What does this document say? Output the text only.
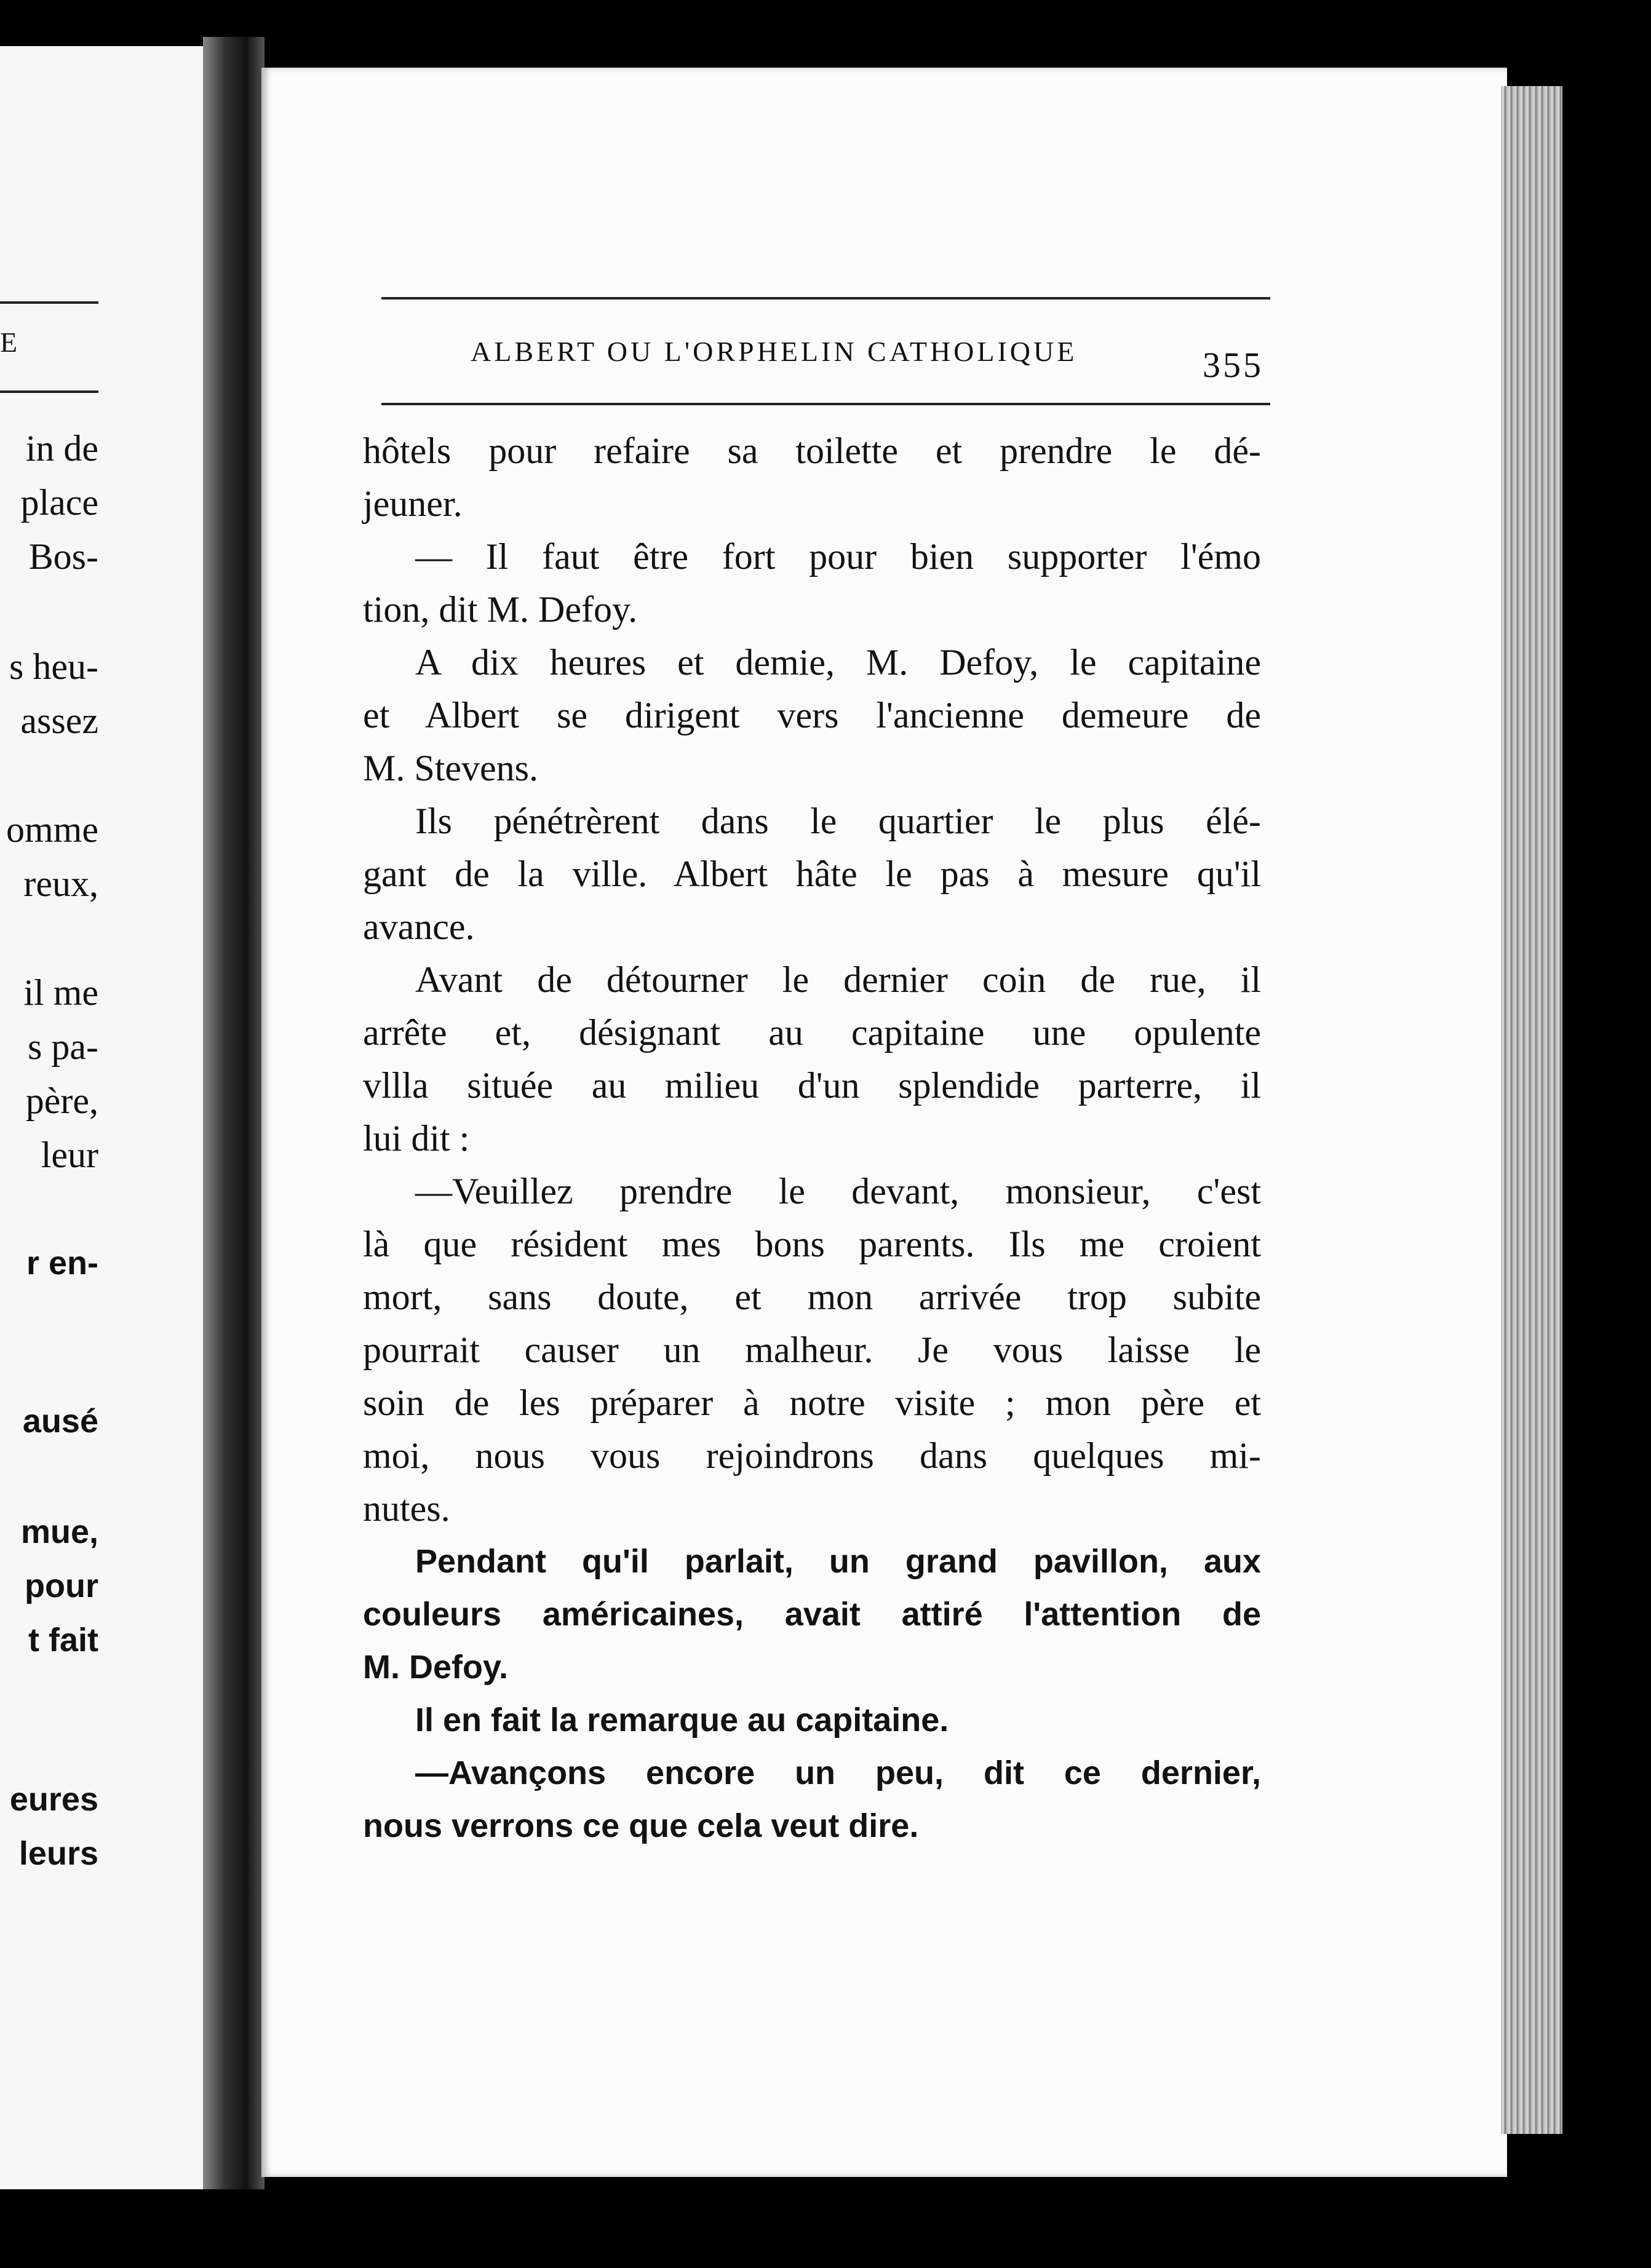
E
in de
place
Bos-
s heu-
assez
omme
reux,
il me
s pa-
père,
leur
r en-
ausé
mue,
pour
t fait
eures
leurs
ALBERT OU L'ORPHELIN CATHOLIQUE	355
hôtels pour refaire sa toilette et prendre le dé-
jeuner.
— Il faut être fort pour bien supporter l'émo
tion, dit M. Defoy.
A dix heures et demie, M. Defoy, le capitaine
et Albert se dirigent vers l'ancienne demeure de
M. Stevens.
Ils pénétrèrent dans le quartier le plus élé-
gant de la ville. Albert hâte le pas à mesure qu'il
avance.
Avant de détourner le dernier coin de rue, il
arrête et, désignant au capitaine une opulente
vllla située au milieu d'un splendide parterre, il
lui dit :
—Veuillez prendre le devant, monsieur, c'est
là que résident mes bons parents. Ils me croient
mort, sans doute, et mon arrivée trop subite
pourrait causer un malheur. Je vous laisse le
soin de les préparer à notre visite ; mon père et
moi, nous vous rejoindrons dans quelques mi-
nutes.
Pendant qu'il parlait, un grand pavillon, aux
couleurs américaines, avait attiré l'attention de
M. Defoy.
Il en fait la remarque au capitaine.
—Avançons encore un peu, dit ce dernier,
nous verrons ce que cela veut dire.
